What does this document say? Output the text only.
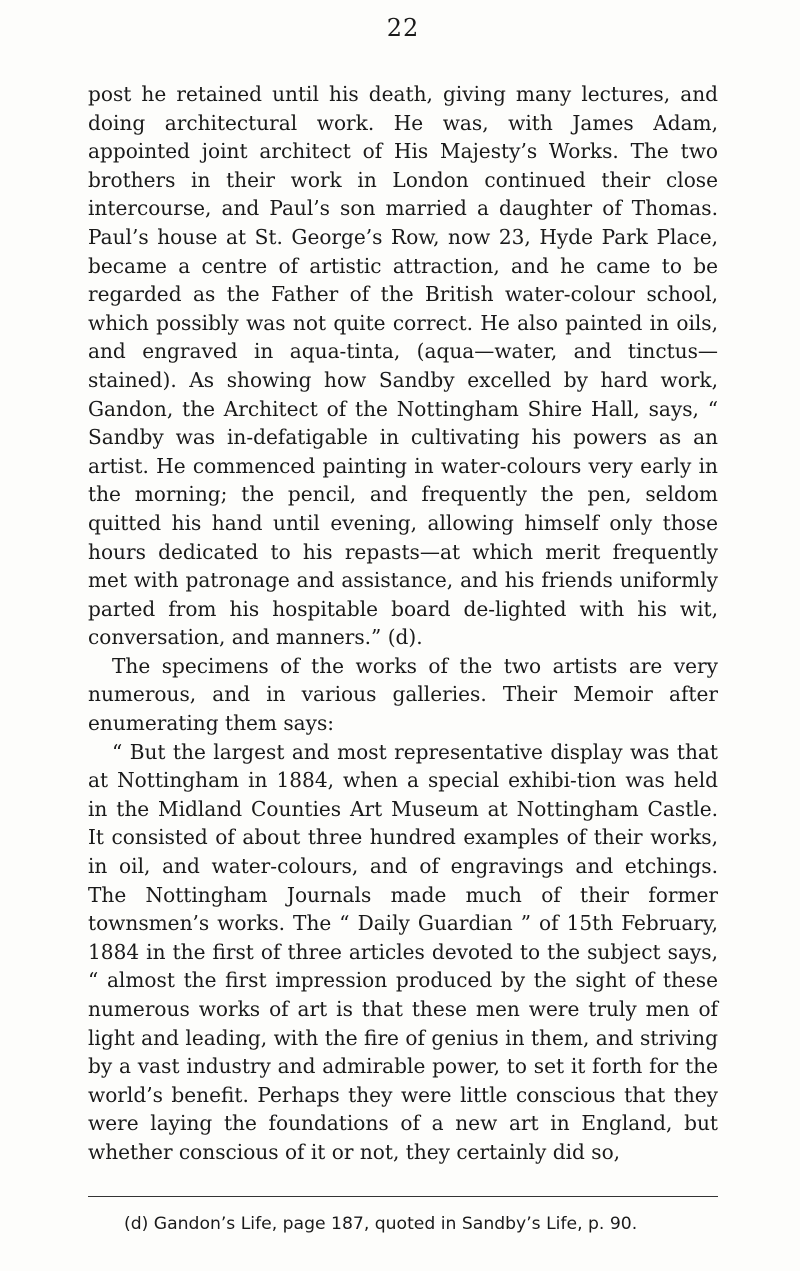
22

post he retained until his death, giving many lectures, and doing architectural work. He was, with James Adam, appointed joint architect of His Majesty’s Works. The two brothers in their work in London continued their close intercourse, and Paul’s son married a daughter of Thomas. Paul’s house at St. George’s Row, now 23, Hyde Park Place, became a centre of artistic attraction, and he came to be regarded as the Father of the British water-colour school, which possibly was not quite correct. He also painted in oils, and engraved in aqua-tinta, (aqua—water, and tinctus—stained). As showing how Sandby excelled by hard work, Gandon, the Architect of the Nottingham Shire Hall, says, “ Sandby was in-defatigable in cultivating his powers as an artist. He commenced painting in water-colours very early in the morning; the pencil, and frequently the pen, seldom quitted his hand until evening, allowing himself only those hours dedicated to his repasts—at which merit frequently met with patronage and assistance, and his friends uniformly parted from his hospitable board de-lighted with his wit, conversation, and manners.” (d).

The specimens of the works of the two artists are very numerous, and in various galleries. Their Memoir after enumerating them says:

“ But the largest and most representative display was that at Nottingham in 1884, when a special exhibi-tion was held in the Midland Counties Art Museum at Nottingham Castle. It consisted of about three hundred examples of their works, in oil, and water-colours, and of engravings and etchings. The Nottingham Journals made much of their former townsmen’s works. The “ Daily Guardian ” of 15th February, 1884 in the first of three articles devoted to the subject says, “ almost the first impression produced by the sight of these numerous works of art is that these men were truly men of light and leading, with the fire of genius in them, and striving by a vast industry and admirable power, to set it forth for the world’s benefit. Perhaps they were little conscious that they were laying the foundations of a new art in England, but whether conscious of it or not, they certainly did so,

(d) Gandon’s Life, page 187, quoted in Sandby’s Life, p. 90.
